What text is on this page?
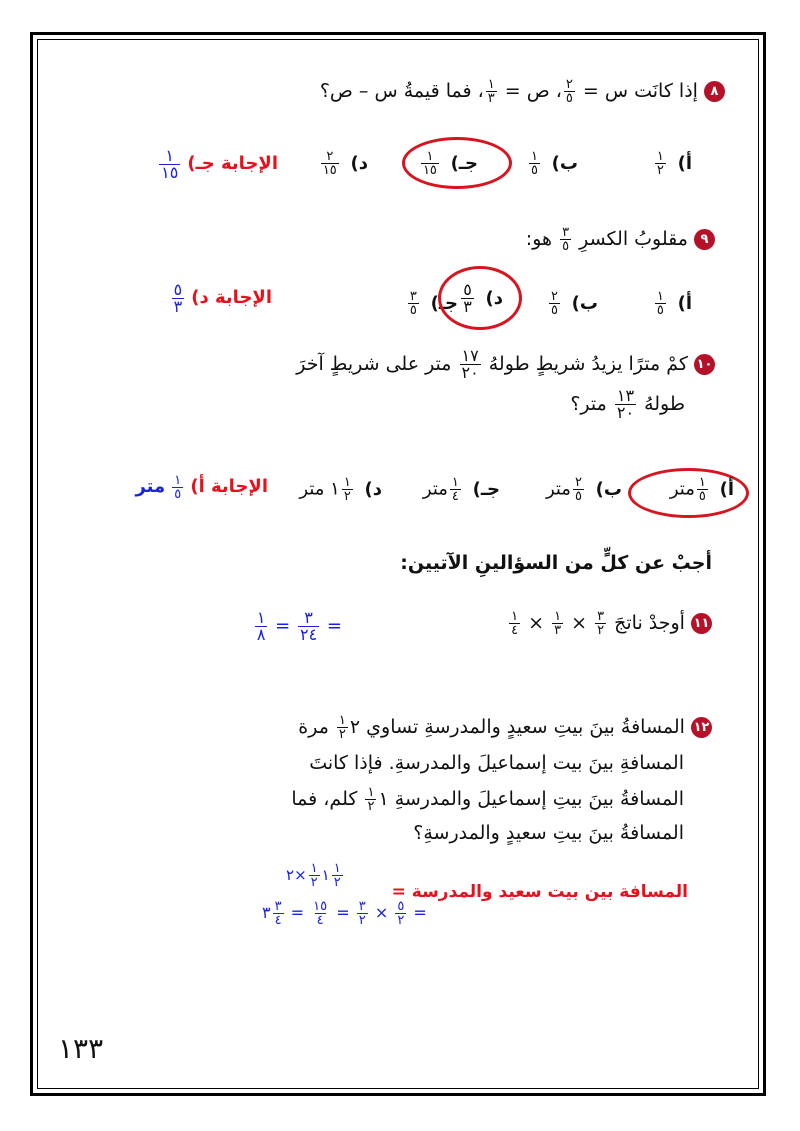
٨ إذا كانَت س =
$\frac{٢}{٥}$
، ص =
$\frac{١}{٣}$
، فما قيمةُ س – ص؟
أ)
$\frac{١}{٢}$
ب)
$\frac{١}{٥}$
جـ)
$\frac{١}{١٥}$
د)
$\frac{٢}{١٥}$
الإجابة جـ)
$\frac{١}{١٥}$
٩ مقلوبُ الكسرِ
$\frac{٣}{٥}$
هو:
أ)
$\frac{١}{٥}$
ب)
$\frac{٢}{٥}$
جـ)
$\frac{٣}{٥}$	د)
$\frac{٥}{٣}$
الإجابة د)
$\frac{٥}{٣}$
١٠ كمْ مترًا يزيدُ شريطٍ طولهُ
$\frac{١٧}{٢٠}$
متر على شريطٍ آخرَ
طولهُ
$\frac{١٣}{٢٠}$
متر؟
أ)
$\frac{١}{٥}$
متر
ب)
$\frac{٢}{٥}$
متر
جـ)
$\frac{١}{٤}$
متر
د)
$\frac{١}{٢}$
١ متر
الإجابة أ)
$\frac{١}{٥}$
متر
أجبْ عن كلٍّ من السؤالينِ الآتيين:
١١ أوجدْ ناتجَ
$\frac{٣}{٢}$
×
$\frac{١}{٣}$
×
$\frac{١}{٤}$
=
$\frac{٣}{٢٤}$
=
$\frac{١}{٨}$
١٢ المسافةُ بينَ بيتِ سعيدٍ والمدرسةِ تساوي ٢
$\frac{١}{٢}$
مرة
المسافةِ بينَ بيت إسماعيلَ والمدرسةِ. فإذا كانتَ
المسافةُ بينَ بيتِ إسماعيلَ والمدرسةِ ١
$\frac{١}{٢}$
كلم، فما
المسافةُ بينَ بيتِ سعيدٍ والمدرسةِ؟
المسافة بين بيت سعيد والمدرسة =
١
$\frac{١}{٢}$
×٢	$\frac{١}{٢}$
٣ $\frac{٣}{٤} = \frac{١٥}{٤} = \frac{٣}{٢} \times \frac{٥}{٢}$ =
١٣٣
